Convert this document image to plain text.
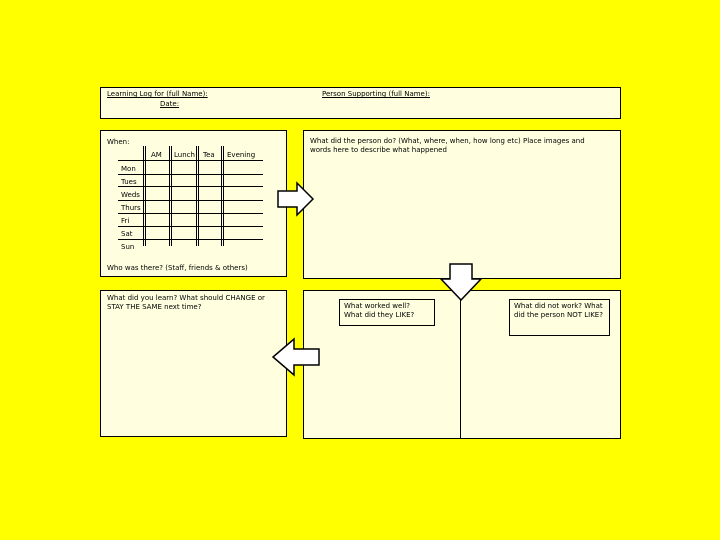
Learning Log for (full Name):
Date:
Person Supporting (full Name):
When:
AM Lunch Tea Evening
Mon
Tues
Weds
Thurs
Fri
Sat
Sun
Who was there? (Staff, friends & others)
What did the person do? (What, where, when, how long etc) Place images and words here to describe what happened
What did you learn? What should CHANGE or STAY THE SAME next time?	What worked well? What did they LIKE?
What did not work? What did the person NOT LIKE?
